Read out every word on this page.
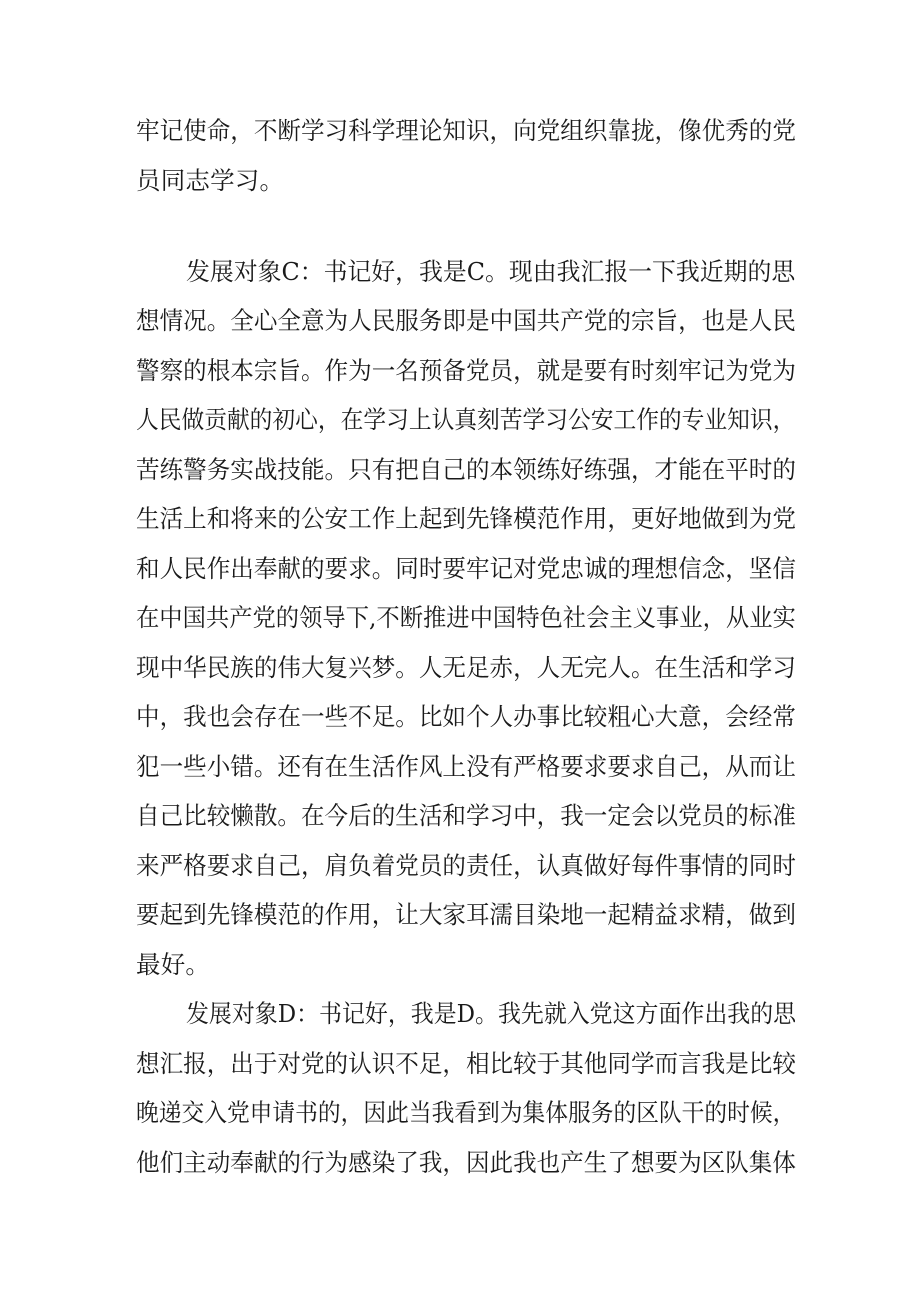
牢记使命，不断学习科学理论知识，向党组织靠拢，像优秀的党
员同志学习。
发展对象C：书记好，我是C。现由我汇报一下我近期的思
想情况。全心全意为人民服务即是中国共产党的宗旨，也是人民
警察的根本宗旨。作为一名预备党员，就是要有时刻牢记为党为
人民做贡献的初心，在学习上认真刻苦学习公安工作的专业知识，
苦练警务实战技能。只有把自己的本领练好练强，才能在平时的
生活上和将来的公安工作上起到先锋模范作用，更好地做到为党
和人民作出奉献的要求。同时要牢记对党忠诚的理想信念，坚信
在中国共产党的领导下,不断推进中国特色社会主义事业，从业实
现中华民族的伟大复兴梦。人无足赤，人无完人。在生活和学习
中，我也会存在一些不足。比如个人办事比较粗心大意，会经常
犯一些小错。还有在生活作风上没有严格要求要求自己，从而让
自己比较懒散。在今后的生活和学习中，我一定会以党员的标准
来严格要求自己，肩负着党员的责任，认真做好每件事情的同时
要起到先锋模范的作用，让大家耳濡目染地一起精益求精，做到
最好。
发展对象D：书记好，我是D。我先就入党这方面作出我的思
想汇报，出于对党的认识不足，相比较于其他同学而言我是比较
晚递交入党申请书的，因此当我看到为集体服务的区队干的时候，
他们主动奉献的行为感染了我，因此我也产生了想要为区队集体
